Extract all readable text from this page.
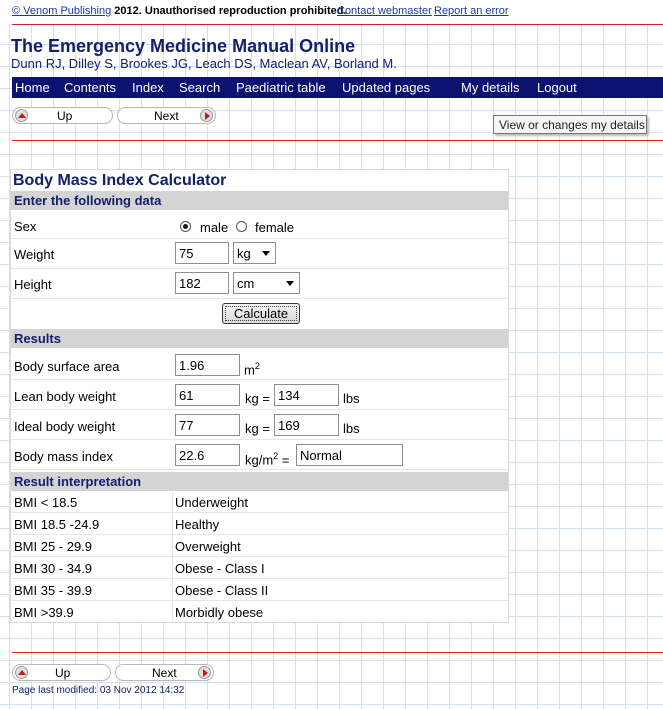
© Venom Publishing 2012. Unauthorised reproduction prohibited.
Contact webmaster Report an error
The Emergency Medicine Manual Online
Dunn RJ, Dilley S, Brookes JG, Leach DS, Maclean AV, Borland M.
Home Contents Index Search Paediatric table Updated pages My details Logout
Up	Next
View or changes my details
Body Mass Index Calculator
Enter the following data
Sex	male female
Weight	75	kg
Height	182	cm
Calculate
Results
Body surface area	1.96	$m^2$
Lean body weight	61	kg = 134	lbs
Ideal body weight	77	kg = 169	lbs
Body mass index	22.6	$kg/m^2$ = Normal
Result interpretation
BMI < 18.5	Underweight
BMI 18.5 -24.9	Healthy
BMI 25 - 29.9	Overweight
BMI 30 - 34.9	Obese - Class I
BMI 35 - 39.9	Obese - Class II
BMI >39.9	Morbidly obese
Up	Next
Page last modified: 03 Nov 2012 14:32
